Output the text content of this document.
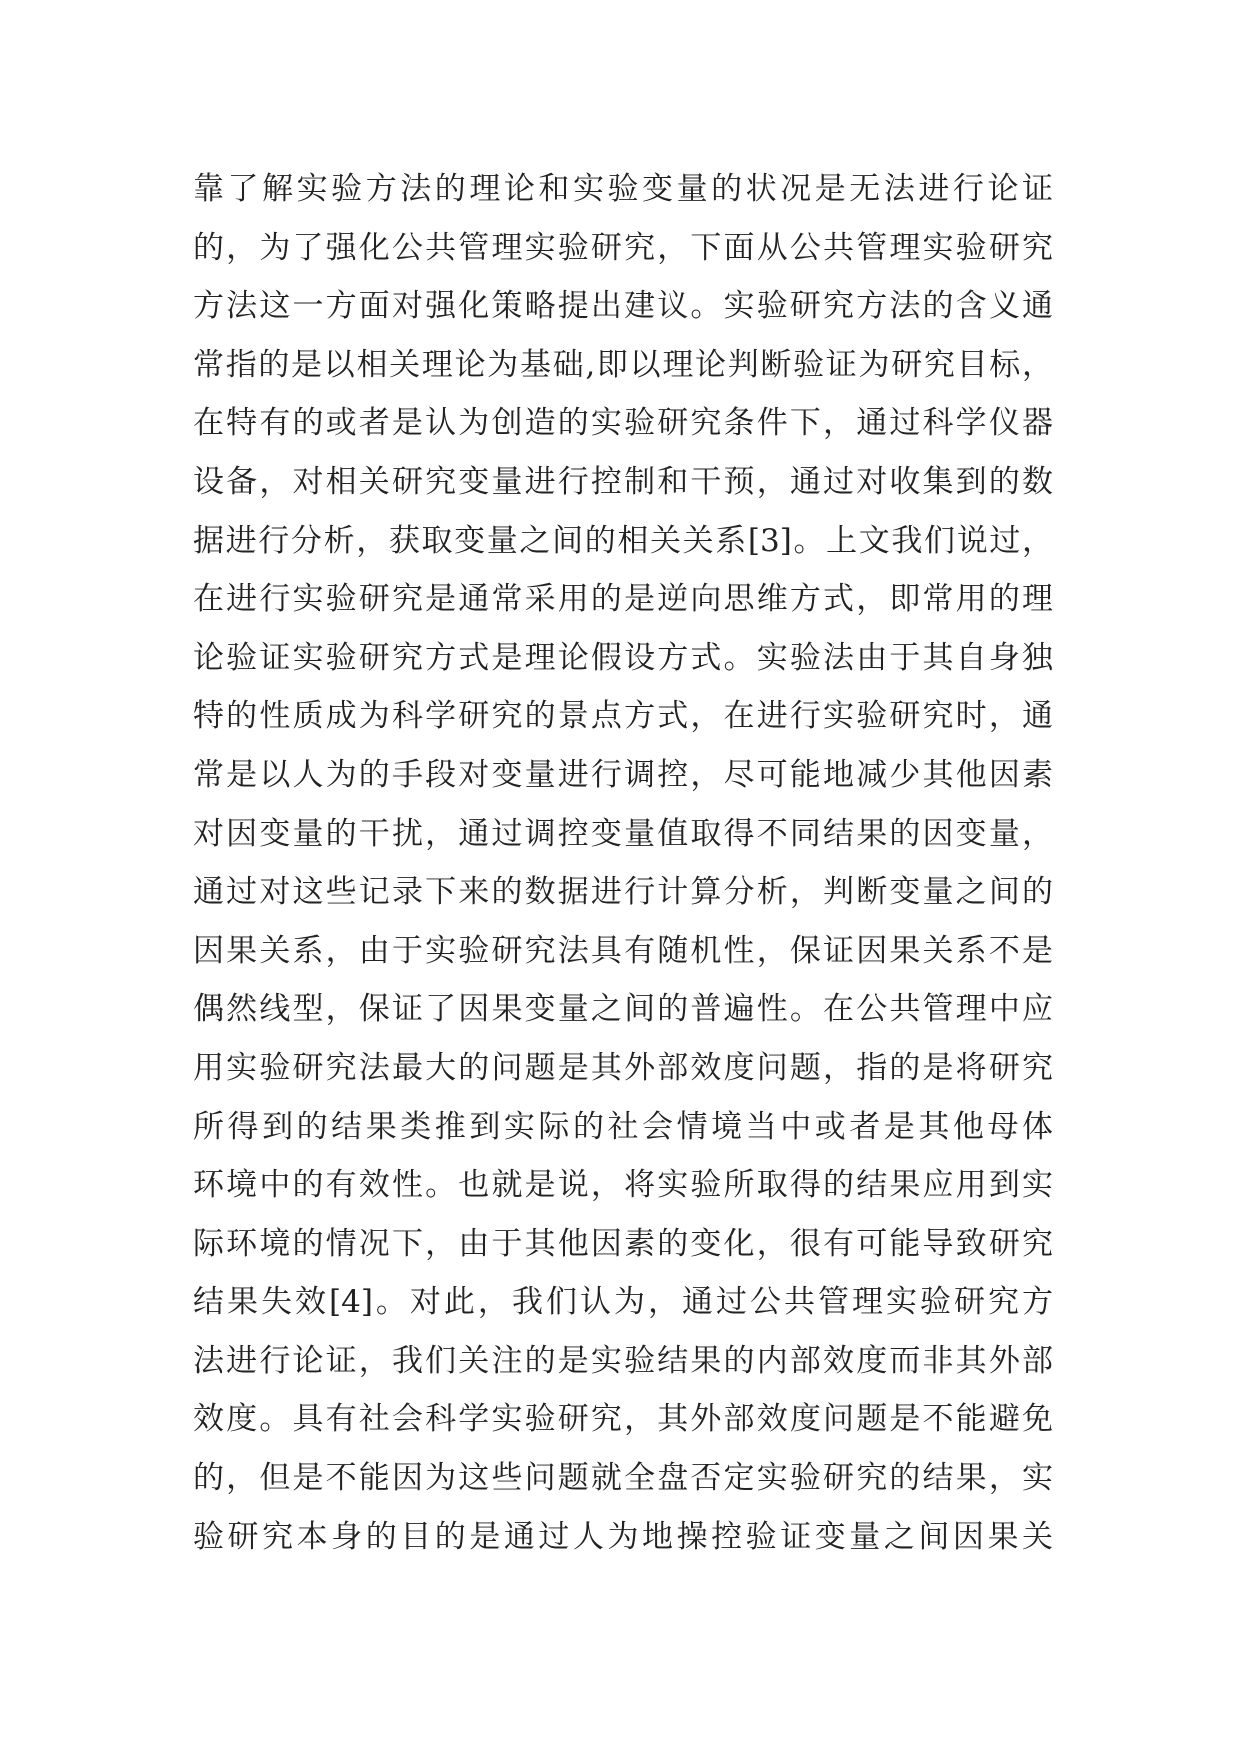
靠了解实验方法的理论和实验变量的状况是无法进行论证
的，为了强化公共管理实验研究，下面从公共管理实验研究
方法这一方面对强化策略提出建议。实验研究方法的含义通
常指的是以相关理论为基础,即以理论判断验证为研究目标，
在特有的或者是认为创造的实验研究条件下，通过科学仪器
设备，对相关研究变量进行控制和干预，通过对收集到的数
据进行分析，获取变量之间的相关关系[3]。上文我们说过，
在进行实验研究是通常采用的是逆向思维方式，即常用的理
论验证实验研究方式是理论假设方式。实验法由于其自身独
特的性质成为科学研究的景点方式，在进行实验研究时，通
常是以人为的手段对变量进行调控，尽可能地减少其他因素
对因变量的干扰，通过调控变量值取得不同结果的因变量，
通过对这些记录下来的数据进行计算分析，判断变量之间的
因果关系，由于实验研究法具有随机性，保证因果关系不是
偶然线型，保证了因果变量之间的普遍性。在公共管理中应
用实验研究法最大的问题是其外部效度问题，指的是将研究
所得到的结果类推到实际的社会情境当中或者是其他母体
环境中的有效性。也就是说，将实验所取得的结果应用到实
际环境的情况下，由于其他因素的变化，很有可能导致研究
结果失效[4]。对此，我们认为，通过公共管理实验研究方
法进行论证，我们关注的是实验结果的内部效度而非其外部
效度。具有社会科学实验研究，其外部效度问题是不能避免
的，但是不能因为这些问题就全盘否定实验研究的结果，实
验研究本身的目的是通过人为地操控验证变量之间因果关
